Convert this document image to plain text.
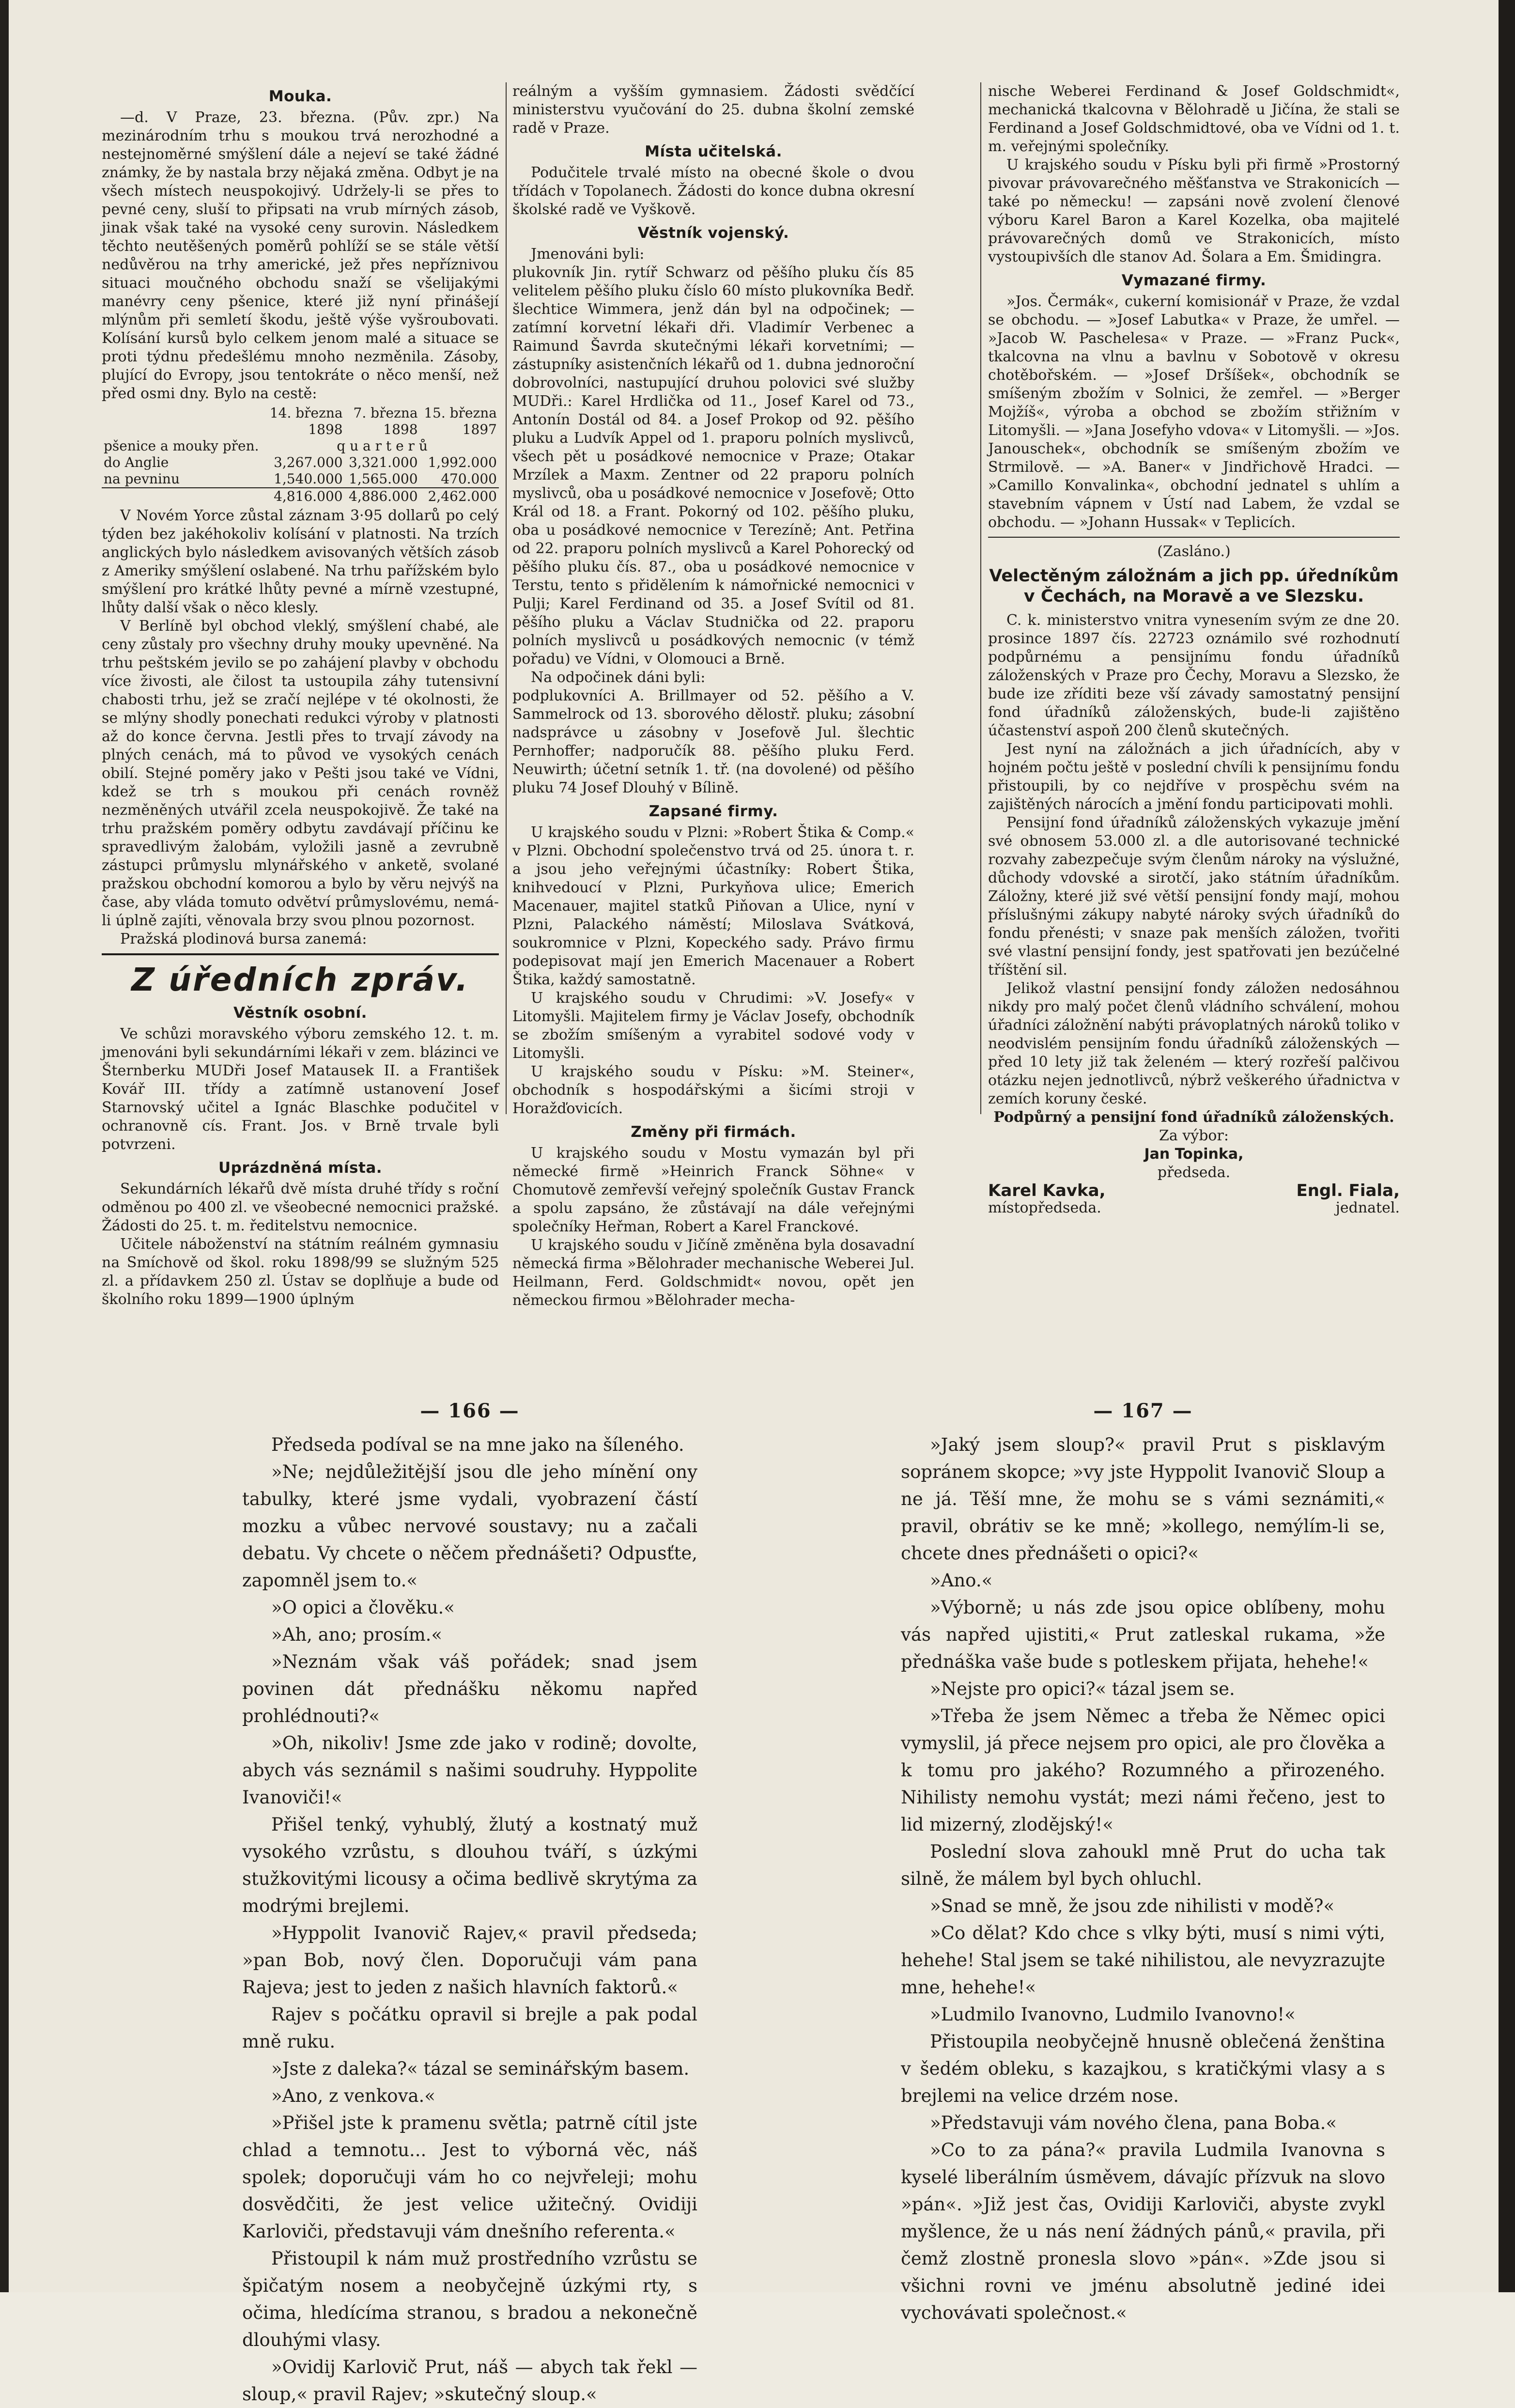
Mouka.

—d. V Praze, 23. března. (Pův. zpr.) Na mezinárodním trhu s moukou trvá nerozhodné a nestejnoměrné smýšlení dále a nejeví se také žádné známky, že by nastala brzy nějaká změna. Odbyt je na všech místech neuspokojivý. Udržely-li se přes to pevné ceny, sluší to připsati na vrub mírných zásob, jinak však také na vysoké ceny surovin. Následkem těchto neutěšených poměrů pohlíží se se stále větší nedůvěrou na trhy americké, jež přes nepříznivou situaci moučného obchodu snaží se všelijakými manévry ceny pšenice, které již nyní přinášejí mlýnům při semletí škodu, ještě výše vyšroubovati. Kolísání kursů bylo celkem jenom malé a situace se proti týdnu předešlému mnoho nezměnila. Zásoby, plující do Evropy, jsou tentokráte o něco menší, než před osmi dny. Bylo na cestě:

	14. března	7. března	15. března
	1898	1898	1897
pšenice a mouky přen.	q u a r t e r ů		
do Anglie	3,267.000	3,321.000	1,992.000
na pevninu	1,540.000	1,565.000	470.000
	4,816.000	4,886.000	2,462.000

V Novém Yorce zůstal záznam 3·95 dollarů po celý týden bez jakéhokoliv kolísání v platnosti. Na trzích anglických bylo následkem avisovaných větších zásob z Ameriky smýšlení oslabené. Na trhu pařížském bylo smýšlení pro krátké lhůty pevné a mírně vzestupné, lhůty další však o něco klesly.

V Berlíně byl obchod vleklý, smýšlení chabé, ale ceny zůstaly pro všechny druhy mouky upevněné. Na trhu peštském jevilo se po zahájení plavby v obchodu více živosti, ale čilost ta ustoupila záhy tutensivní chabosti trhu, jež se zračí nejlépe v té okolnosti, že se mlýny shodly ponechati redukci výroby v platnosti až do konce června. Jestli přes to trvají závody na plných cenách, má to původ ve vysokých cenách obilí. Stejné poměry jako v Pešti jsou také ve Vídni, kdež se trh s moukou při cenách rovněž nezměněných utvářil zcela neuspokojivě. Že také na trhu pražském poměry odbytu zavdávají příčinu ke spravedlivým žalobám, vyložili jasně a zevrubně zástupci průmyslu mlynářského v anketě, svolané pražskou obchodní komorou a bylo by věru nejvýš na čase, aby vláda tomuto odvětví průmyslovému, nemá-li úplně zajíti, věnovala brzy svou plnou pozornost.

Pražská plodinová bursa zanemá:

Z úředních zpráv.
Věstník osobní.

Ve schůzi moravského výboru zemského 12. t. m. jmenováni byli sekundárními lékaři v zem. blázinci ve Šternberku MUDři Josef Matausek II. a František Kovář III. třídy a zatímně ustanovení Josef Starnovský učitel a Ignác Blaschke podučitel v ochranovně cís. Frant. Jos. v Brně trvale byli potvrzeni.

Uprázdněná místa.

Sekundárních lékařů dvě místa druhé třídy s roční odměnou po 400 zl. ve všeobecné nemocnici pražské. Žádosti do 25. t. m. ředitelstvu nemocnice.

Učitele náboženství na státním reálném gymnasiu na Smíchově od škol. roku 1898/99 se služným 525 zl. a přídavkem 250 zl. Ústav se doplňuje a bude od školního roku 1899—1900 úplným

reálným a vyšším gymnasiem. Žádosti svědčící ministerstvu vyučování do 25. dubna školní zemské radě v Praze.

Místa učitelská.

Podučitele trvalé místo na obecné škole o dvou třídách v Topolanech. Žádosti do konce dubna okresní školské radě ve Vyškově.

Věstník vojenský.

Jmenováni byli:

plukovník Jin. rytíř Schwarz od pěšího pluku čís 85 velitelem pěšího pluku číslo 60 místo plukovníka Bedř. šlechtice Wimmera, jenž dán byl na odpočinek; — zatímní korvetní lékaři dři. Vladimír Verbenec a Raimund Šavrda skutečnými lékaři korvetními; — zástupníky asistenčních lékařů od 1. dubna jednoroční dobrovolníci, nastupující druhou polovici své služby MUDři.: Karel Hrdlička od 11., Josef Karel od 73., Antonín Dostál od 84. a Josef Prokop od 92. pěšího pluku a Ludvík Appel od 1. praporu polních myslivců, všech pět u posádkové nemocnice v Praze; Otakar Mrzílek a Maxm. Zentner od 22 praporu polních myslivců, oba u posádkové nemocnice v Josefově; Otto Král od 18. a Frant. Pokorný od 102. pěšího pluku, oba u posádkové nemocnice v Terezíně; Ant. Petřina od 22. praporu polních myslivců a Karel Pohorecký od pěšího pluku čís. 87., oba u posádkové nemocnice v Terstu, tento s přidělením k námořnické nemocnici v Pulji; Karel Ferdinand od 35. a Josef Svítil od 81. pěšího pluku a Václav Studnička od 22. praporu polních myslivců u posádkových nemocnic (v témž pořadu) ve Vídni, v Olomouci a Brně.

Na odpočinek dáni byli:

podplukovníci A. Brillmayer od 52. pěšího a V. Sammelrock od 13. sborového dělostř. pluku; zásobní nadsprávce u zásobny v Josefově Jul. šlechtic Pernhoffer; nadporučík 88. pěšího pluku Ferd. Neuwirth; účetní setník 1. tř. (na dovolené) od pěšího pluku 74 Josef Dlouhý v Bílině.

Zapsané firmy.

U krajského soudu v Plzni: »Robert Štika & Comp.« v Plzni. Obchodní společenstvo trvá od 25. února t. r. a jsou jeho veřejnými účastníky: Robert Štika, knihvedoucí v Plzni, Purkyňova ulice; Emerich Macenauer, majitel statků Piňovan a Ulice, nyní v Plzni, Palackého náměstí; Miloslava Svátková, soukromnice v Plzni, Kopeckého sady. Právo firmu podepisovat mají jen Emerich Macenauer a Robert Štika, každý samostatně.

U krajského soudu v Chrudimi: »V. Josefy« v Litomyšli. Majitelem firmy je Václav Josefy, obchodník se zbožím smíšeným a vyrabitel sodové vody v Litomyšli.

U krajského soudu v Písku: »M. Steiner«, obchodník s hospodářskými a šicími stroji v Horažďovicích.

Změny při firmách.

U krajského soudu v Mostu vymazán byl při německé firmě »Heinrich Franck Söhne« v Chomutově zemřevší veřejný společník Gustav Franck a spolu zapsáno, že zůstávají na dále veřejnými společníky Heřman, Robert a Karel Franckové.

U krajského soudu v Jičíně změněna byla dosavadní německá firma »Bělohrader mechanische Weberei Jul. Heilmann, Ferd. Goldschmidt« novou, opět jen německou firmou »Bělohrader mecha-

nische Weberei Ferdinand & Josef Goldschmidt«, mechanická tkalcovna v Bělohradě u Jičína, že stali se Ferdinand a Josef Goldschmidtové, oba ve Vídni od 1. t. m. veřejnými společníky.

U krajského soudu v Písku byli při firmě »Prostorný pivovar právovarečného měšťanstva ve Strakonicích — také po německu! — zapsáni nově zvolení členové výboru Karel Baron a Karel Kozelka, oba majitelé právovarečných domů ve Strakonicích, místo vystoupivších dle stanov Ad. Šolara a Em. Šmidingra.

Vymazané firmy.

»Jos. Čermák«, cukerní komisionář v Praze, že vzdal se obchodu. — »Josef Labutka« v Praze, že umřel. — »Jacob W. Paschelesa« v Praze. — »Franz Puck«, tkalcovna na vlnu a bavlnu v Sobotově v okresu chotěbořském. — »Josef Dršíšek«, obchodník se smíšeným zbožím v Solnici, že zemřel. — »Berger Mojžíš«, výroba a obchod se zbožím střižním v Litomyšli. — »Jana Josefyho vdova« v Litomyšli. — »Jos. Janouschek«, obchodník se smíšeným zbožím ve Strmilově. — »A. Baner« v Jindřichově Hradci. — »Camillo Konvalinka«, obchodní jednatel s uhlím a stavebním vápnem v Ústí nad Labem, že vzdal se obchodu. — »Johann Hussak« v Teplicích.

(Zasláno.)

Velectěným záložnám a jich pp. úředníkům v Čechách, na Moravě a ve Slezsku.

C. k. ministerstvo vnitra vynesením svým ze dne 20. prosince 1897 čís. 22723 oznámilo své rozhodnutí podpůrnému a pensijnímu fondu úřadníků záloženských v Praze pro Čechy, Moravu a Slezsko, že bude ize zříditi beze vší závady samostatný pensijní fond úřadníků záloženských, bude-li zajištěno účastenství aspoň 200 členů skutečných.

Jest nyní na záložnách a jich úřadnících, aby v hojném počtu ještě v poslední chvíli k pensijnímu fondu přistoupili, by co nejdříve v prospěchu svém na zajištěných nárocích a jmění fondu participovati mohli.

Pensijní fond úřadníků záloženských vykazuje jmění své obnosem 53.000 zl. a dle autorisované technické rozvahy zabezpečuje svým členům nároky na výslužné, důchody vdovské a sirotčí, jako státním úřadníkům. Záložny, které již své větší pensijní fondy mají, mohou příslušnými zákupy nabyté nároky svých úřadníků do fondu přenésti; v snaze pak menších záložen, tvořiti své vlastní pensijní fondy, jest spatřovati jen bezúčelné tříštění sil.

Jelikož vlastní pensijní fondy záložen nedosáhnou nikdy pro malý počet členů vládního schválení, mohou úřadníci záložnění nabýti právoplatných nároků toliko v neodvislém pensijním fondu úřadníků záloženských — před 10 lety již tak želeném — který rozřeší palčivou otázku nejen jednotlivců, nýbrž veškerého úřadnictva v zemích koruny české.

Podpůrný a pensijní fond úřadníků záloženských.

Za výbor:

Jan Topinka,

předseda.

Karel Kavka,	Engl. Fiala,
místopředseda.	jednatel.
— 166 —

Předseda podíval se na mne jako na šíleného.

»Ne; nejdůležitější jsou dle jeho mínění ony tabulky, které jsme vydali, vyobrazení částí mozku a vůbec nervové soustavy; nu a začali debatu. Vy chcete o něčem přednášeti? Odpusťte, zapomněl jsem to.«

»O opici a člověku.«

»Ah, ano; prosím.«

»Neznám však váš pořádek; snad jsem povinen dát přednášku někomu napřed prohlédnouti?«

»Oh, nikoliv! Jsme zde jako v rodině; dovolte, abych vás seznámil s našimi soudruhy. Hyppolite Ivanoviči!«

Přišel tenký, vyhublý, žlutý a kostnatý muž vysokého vzrůstu, s dlouhou tváří, s úzkými stužkovitými licousy a očima bedlivě skrytýma za modrými brejlemi.

»Hyppolit Ivanovič Rajev,« pravil předseda; »pan Bob, nový člen. Doporučuji vám pana Rajeva; jest to jeden z našich hlavních faktorů.«

Rajev s počátku opravil si brejle a pak podal mně ruku.

»Jste z daleka?« tázal se seminářským basem.

»Ano, z venkova.«

»Přišel jste k pramenu světla; patrně cítil jste chlad a temnotu... Jest to výborná věc, náš spolek; doporučuji vám ho co nejvřeleji; mohu dosvědčiti, že jest velice užitečný. Ovidiji Karloviči, představuji vám dnešního referenta.«

Přistoupil k nám muž prostředního vzrůstu se špičatým nosem a neobyčejně úzkými rty, s očima, hledícíma stranou, s bradou a nekonečně dlouhými vlasy.

»Ovidij Karlovič Prut, náš — abych tak řekl — sloup,« pravil Rajev; »skutečný sloup.«

— 167 —

»Jaký jsem sloup?« pravil Prut s pisklavým sopránem skopce; »vy jste Hyppolit Ivanovič Sloup a ne já. Těší mne, že mohu se s vámi seznámiti,« pravil, obrátiv se ke mně; »kollego, nemýlím-li se, chcete dnes přednášeti o opici?«

»Ano.«

»Výborně; u nás zde jsou opice oblíbeny, mohu vás napřed ujistiti,« Prut zatleskal rukama, »že přednáška vaše bude s potleskem přijata, hehehe!«

»Nejste pro opici?« tázal jsem se.

»Třeba že jsem Němec a třeba že Němec opici vymyslil, já přece nejsem pro opici, ale pro člověka a k tomu pro jakého? Rozumného a přirozeného. Nihilisty nemohu vystát; mezi námi řečeno, jest to lid mizerný, zlodějský!«

Poslední slova zahoukl mně Prut do ucha tak silně, že málem byl bych ohluchl.

»Snad se mně, že jsou zde nihilisti v modě?«

»Co dělat? Kdo chce s vlky býti, musí s nimi výti, hehehe! Stal jsem se také nihilistou, ale nevyzrazujte mne, hehehe!«

»Ludmilo Ivanovno, Ludmilo Ivanovno!«

Přistoupila neobyčejně hnusně oblečená ženština v šedém obleku, s kazajkou, s kratičkými vlasy a s brejlemi na velice drzém nose.

»Představuji vám nového člena, pana Boba.«

»Co to za pána?« pravila Ludmila Ivanovna s kyselé liberálním úsměvem, dávajíc přízvuk na slovo »pán«. »Již jest čas, Ovidiji Karloviči, abyste zvykl myšlence, že u nás není žádných pánů,« pravila, při čemž zlostně pronesla slovo »pán«. »Zde jsou si všichni rovni ve jménu absolutně jediné idei vychovávati společnost.«
